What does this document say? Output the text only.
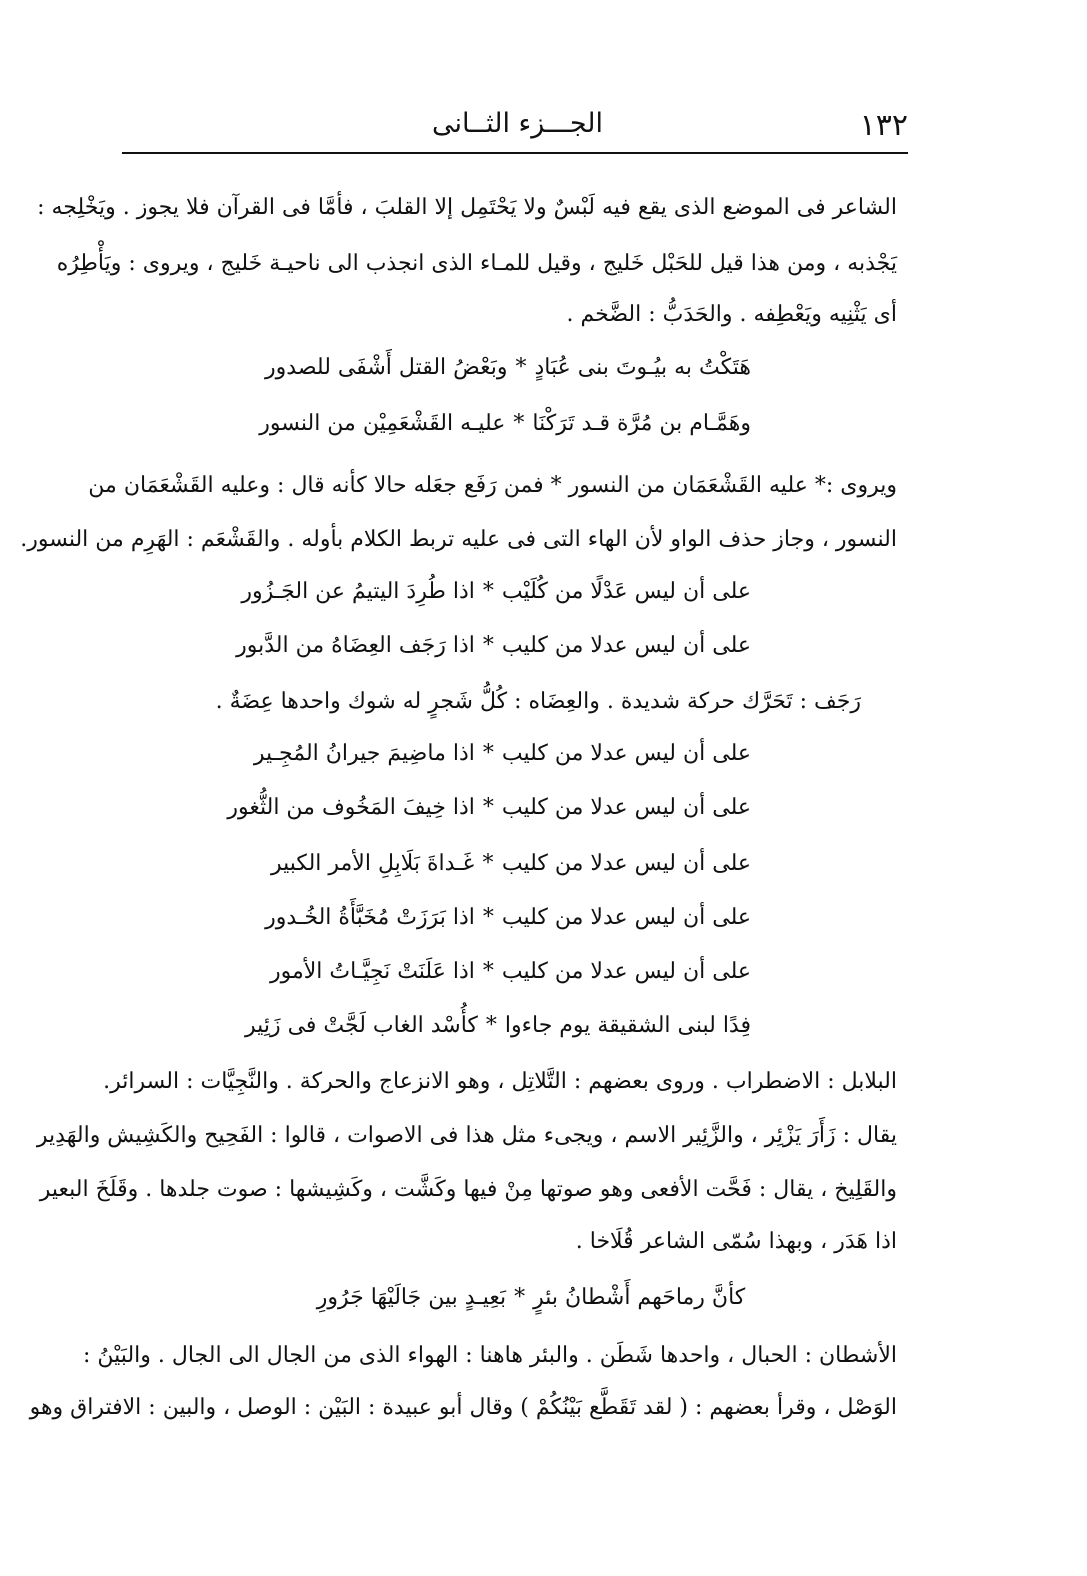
١٣٢
الجـــزء الثــانى
الشاعر فى الموضع الذى يقع فيه لَبْسٌ ولا يَحْتَمِل إلا القلبَ ، فأمَّا فى القرآن فلا يجوز . ويَخْلِجه :
يَجْذبه ، ومن هذا قيل للحَبْل خَليج ، وقيل للمـاء الذى انجذب الى ناحيـة خَليج ، ويروى : ويَأْطِرُه
أى يَثْنِيه ويَعْطِفه . والحَدَبُّ : الضَّخم .
هَتَكْتُ به بيُـوتَ بنى عُبَادٍ
*
وبَعْضُ القتل أَشْفَى للصدور
وهَمَّـام بن مُرَّة قـد تَرَكْنَا
*
عليـه القَشْعَمِيْن من النسور
ويروى :
* عليه القَشْعَمَان من النسور * فمن رَفَع جعَله حالا كأنه قال : وعليه القَشْعَمَان من
النسور ، وجاز حذف الواو لأن الهاء التى فى عليه تربط الكلام بأوله . والقَشْعَم : الهَرِم من النسور.
على أن ليس عَدْلًا من كُلَيْب
*
اذا طُرِدَ اليتيمُ عن الجَـزُور
على أن ليس عدلا من كليب
*
اذا رَجَف العِضَاهُ من الدَّبور
رَجَف : تَحَرَّك حركة شديدة . والعِضَاه : كُلُّ شَجرٍ له شوك واحدها عِضَةٌ .
على أن ليس عدلا من كليب
*
اذا ماضِيمَ جيرانُ المُجِـير
على أن ليس عدلا من كليب
*
اذا خِيفَ المَخُوف من الثُّغور
على أن ليس عدلا من كليب
*
غَـداةَ بَلَابِلِ الأمر الكبير
على أن ليس عدلا من كليب
*
اذا بَرَزَتْ مُخَبَّأَةُ الخُـدور
على أن ليس عدلا من كليب
*
اذا عَلَنَتْ نَجِيَّـاتُ الأمور
فِدًا لبنى الشقيقة يوم جاءوا
*
كأُسْد الغاب لَجَّتْ فى زَئِير
البلابل : الاضطراب . وروى بعضهم : التَّلاتِل ، وهو الانزعاج والحركة . والنَّجِيَّات : السرائر.
يقال : زَأَرَ يَزْئِر ، والزَّئِير الاسم ، ويجىء مثل هذا فى الاصوات ، قالوا : الفَحِيح والكَشِيش والهَدِير
والقَلِيخ ، يقال : فَحَّت الأفعى وهو صوتها مِنْ فيها وكَشَّت ، وكَشِيشها : صوت جلدها . وقَلَخَ البعير
اذا هَدَر ، وبهذا سُمّى الشاعر قُلَاخا .
كأنَّ رماحَهم أَشْطانُ بئرٍ
*
بَعِيـدٍ بين جَالَيْهَا جَرُورِ
الأشطان : الحبال ، واحدها شَطَن . والبئر هاهنا : الهواء الذى من الجال الى الجال . والبَيْنُ :
الوَصْل ، وقرأ بعضهم : ( لقد تَقَطَّع بَيْنُكُمْ ) وقال أبو عبيدة : البَيْن : الوصل ، والبين : الافتراق وهو
